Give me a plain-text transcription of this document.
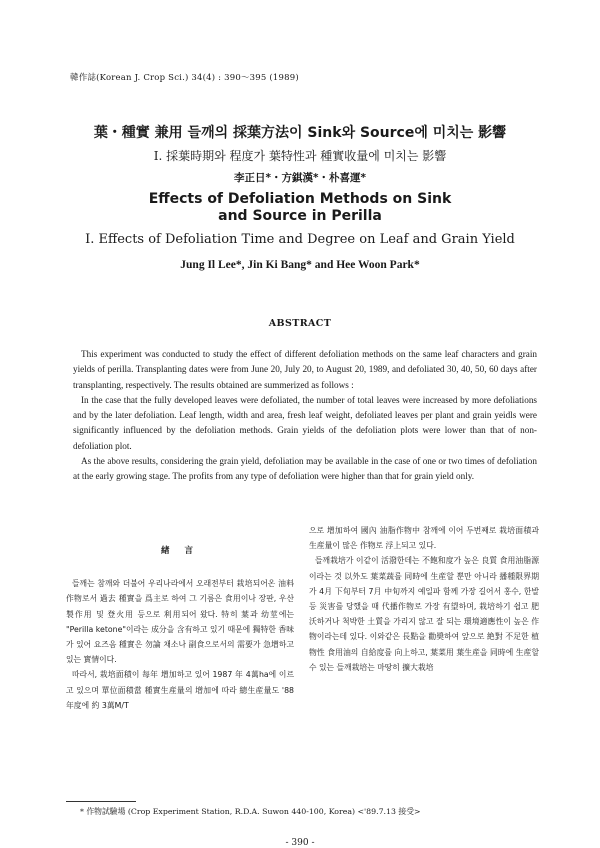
韓作誌(Korean J. Crop Sci.) 34(4) : 390〜395 (1989)
葉・種實 兼用 들깨의 採葉方法이 Sink와 Source에 미치는 影響
Ⅰ. 採葉時期와 程度가 葉特性과 種實收量에 미치는 影響
李正日*・方錤漢*・朴喜運*
Effects of Defoliation Methods on Sink
and Source in Perilla
Ⅰ. Effects of Defoliation Time and Degree on Leaf and Grain Yield
Jung Il Lee*, Jin Ki Bang* and Hee Woon Park*
ABSTRACT

This experiment was conducted to study the effect of different defoliation methods on the same leaf characters and grain yields of perilla. Transplanting dates were from June 20, July 20, to August 20, 1989, and defoliated 30, 40, 50, 60 days after transplanting, respectively. The results obtained are summerized as follows :

In the case that the fully developed leaves were defoliated, the number of total leaves were increased by more defoliations and by the later defoliation. Leaf length, width and area, fresh leaf weight, defoliated leaves per plant and grain yeidls were significantly influenced by the defoliation methods. Grain yields of the defoliation plots were lower than that of non-defoliation plot.

As the above results, considering the grain yield, defoliation may be available in the case of one or two times of defoliation at the early growing stage. The profits from any type of defoliation were higher than that for grain yield only.

緖 言

들깨는 참깨와 더불어 우리나라에서 오래전부터 栽培되어온 油料作物로서 過去 種實을 爲主로 하여 그 기름은 食用이나 장판, 우산製作用 및 登火用 등으로 利用되어 왔다. 特히 葉과 幼莖에는 "Perilla ketone"이라는 成分을 含有하고 있기 때문에 獨特한 香味가 있어 요즈음 種實은 勿論 채소나 副食으로서의 需要가 急增하고 있는 實情이다.

따라서, 栽培面積이 每年 增加하고 있어 1987 年 4萬ha에 이르고 있으며 單位面積當 種實生産量의 增加에 따라 總生産量도 '88年度에 約 3萬M/T

으로 增加하여 國內 油脂作物中 참깨에 이어 두번째로 栽培面積과 生産量이 많은 作物로 浮上되고 있다.

들깨栽培가 이같이 活潑한데는 不飽和度가 높은 良質 食用油脂源이라는 것 以外도 葉菜蔬를 同時에 生産할 뿐만 아니라 播種限界期가 4月 下旬부터 7月 中旬까지 예일파 함께 가장 길어서 홍수, 한발등 災害를 당했을 때 代播作物로 가장 有望하며, 栽培하기 쉽고 肥沃하거나 척박한 土質을 가리지 않고 잘 되는 環境適應性이 높은 作物이라는데 있다. 이와같은 長點을 勸奬하여 앞으로 絶對 不足한 植物性 食用油의 自給度를 向上하고, 葉菜用 葉生産을 同時에 生産할 수 있는 들깨栽培는 마땅히 擴大栽培

* 作物試驗場 (Crop Experiment Station, R.D.A. Suwon 440-100, Korea) <'89.7.13 接受>
- 390 -
